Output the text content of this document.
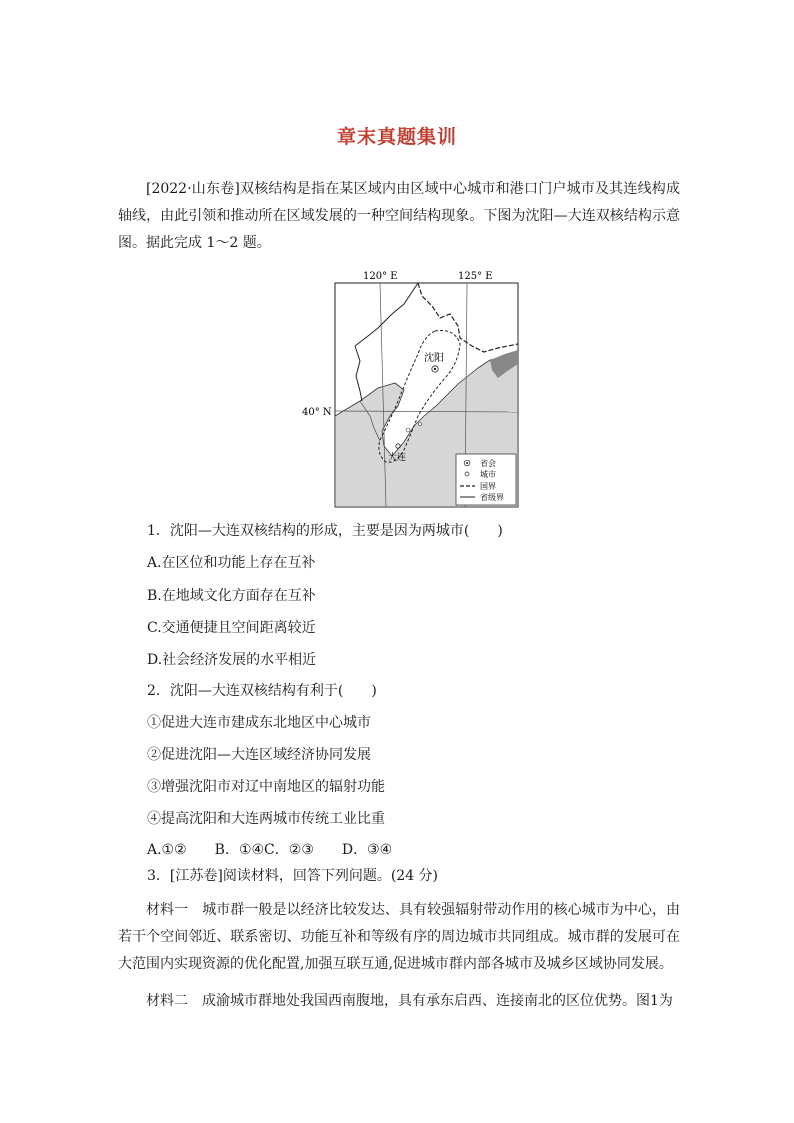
章末真题集训
[2022·山东卷]双核结构是指在某区域内由区域中心城市和港口门户城市及其连线构成轴线，由此引领和推动所在区域发展的一种空间结构现象。下图为沈阳—大连双核结构示意图。据此完成 1～2 题。
120° E	125° E
40° N
沈阳
大连
省会
城市
国界
省级界
1．沈阳—大连双核结构的形成，主要是因为两城市(　　)
A.在区位和功能上存在互补
B.在地域文化方面存在互补
C.交通便捷且空间距离较近
D.社会经济发展的水平相近
2．沈阳—大连双核结构有利于(　　)
①促进大连市建成东北地区中心城市
②促进沈阳—大连区域经济协同发展
③增强沈阳市对辽中南地区的辐射功能
④提高沈阳和大连两城市传统工业比重
A.①②　　B．①④C．②③　　D．③④
3．[江苏卷]阅读材料，回答下列问题。(24 分)
材料一　城市群一般是以经济比较发达、具有较强辐射带动作用的核心城市为中心，由若干个空间邻近、联系密切、功能互补和等级有序的周边城市共同组成。城市群的发展可在大范围内实现资源的优化配置,加强互联互通,促进城市群内部各城市及城乡区域协同发展。
材料二　成渝城市群地处我国西南腹地，具有承东启西、连接南北的区位优势。图1为
